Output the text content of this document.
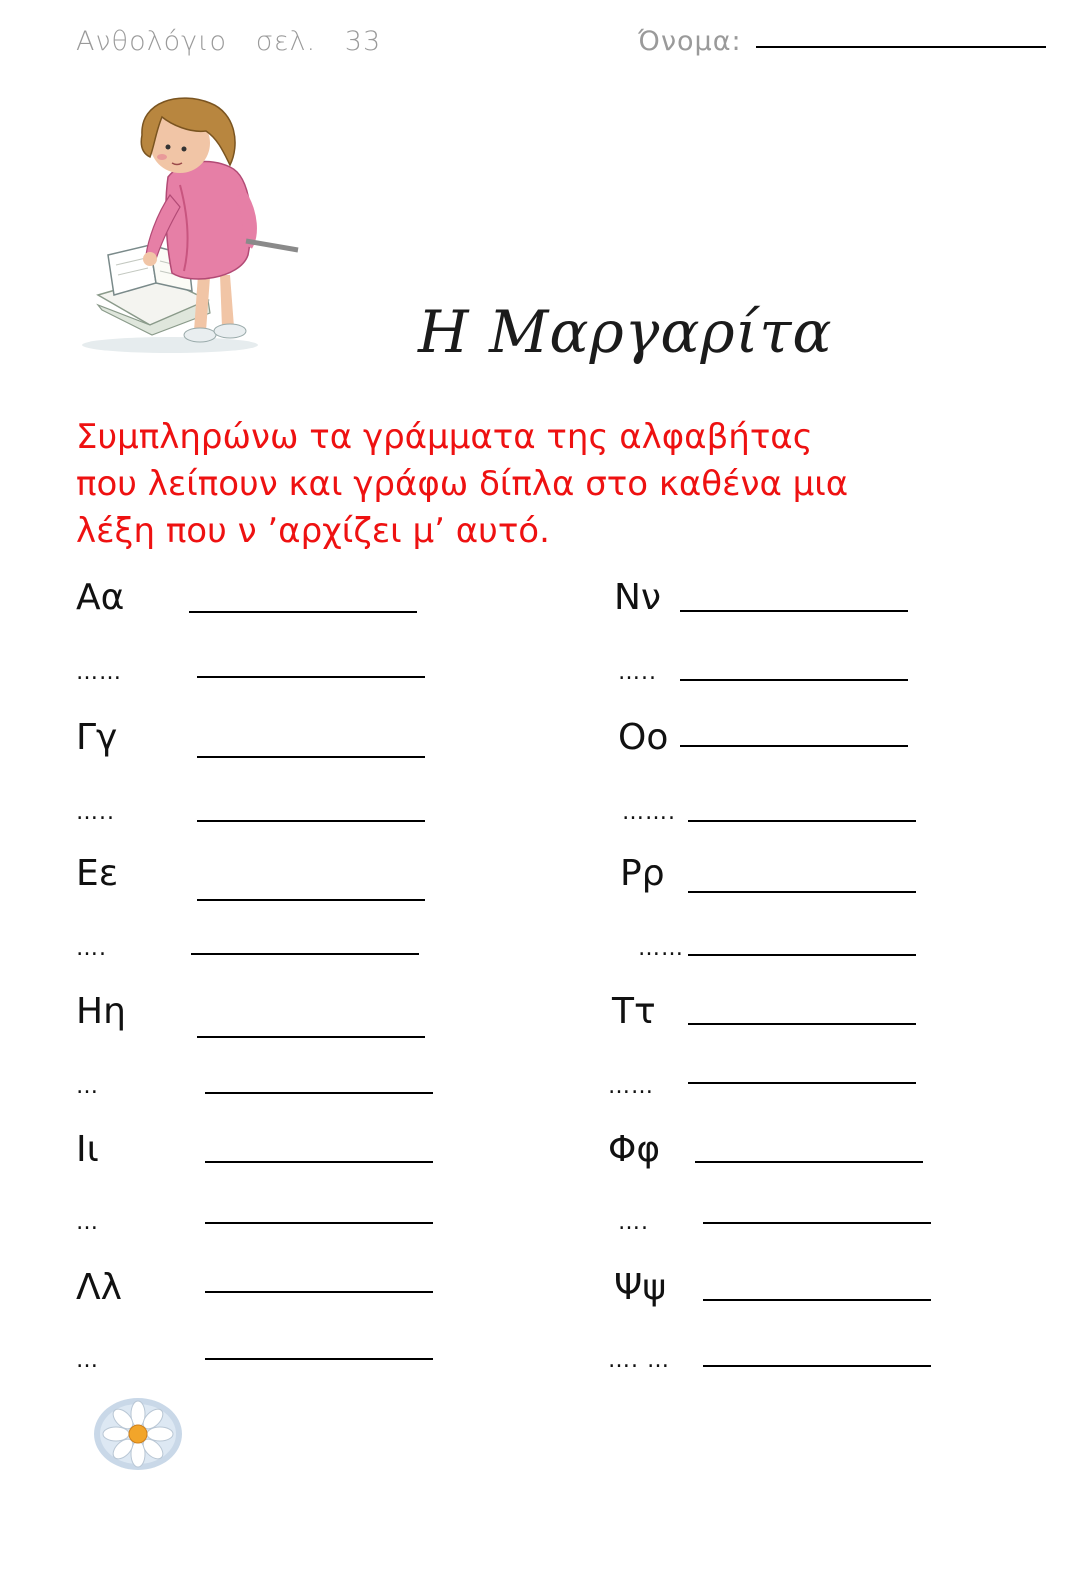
Ανθολόγιο   σελ.   33	Όνομα:
Η Μαργαρίτα
Συμπληρώνω τα γράμματα της αλφαβήτας
που λείπουν και γράφω δίπλα στο καθένα μια
λέξη που ν ’αρχίζει μ’ αυτό.
Αα
……
Γγ
…..
Εε
….
Ηη
…
Ιι
…
Λλ
…
Νν
…..
Οο
…….
Ρρ
……
Ττ
……
Φφ
….
Ψψ
…. …
